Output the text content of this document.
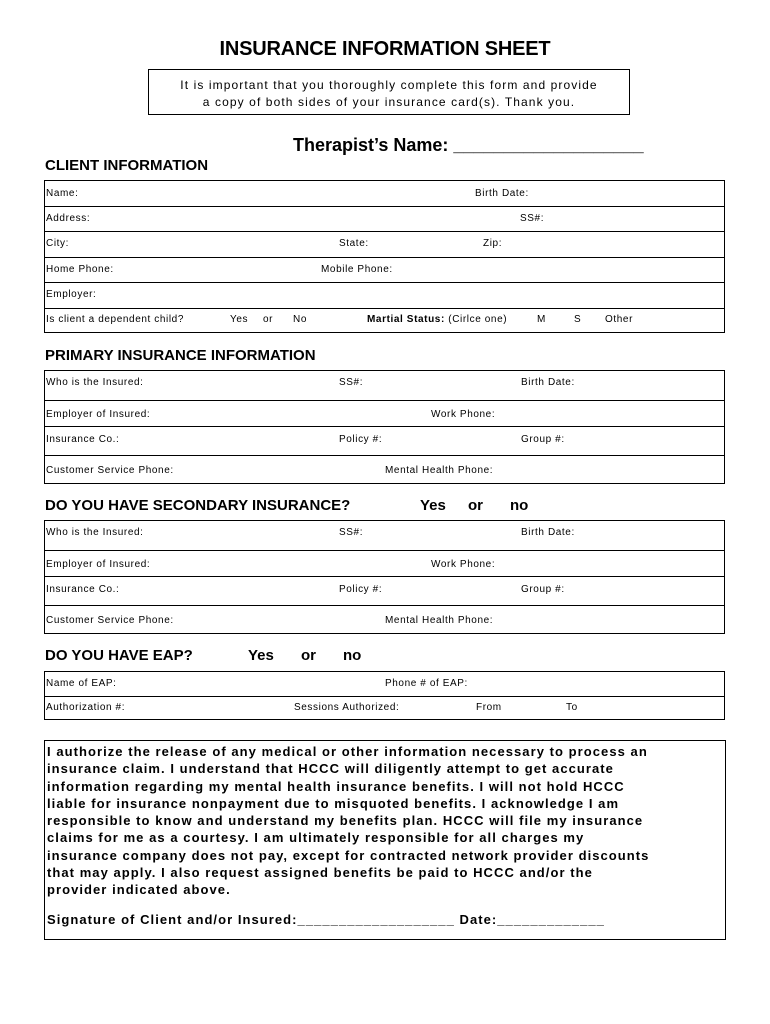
INSURANCE INFORMATION SHEET
It is important that you thoroughly complete this form and provide
a copy of both sides of your insurance card(s). Thank you.
Therapist’s Name: ___________________
CLIENT INFORMATION
Name:	Birth Date:
Address:	SS#:
City:	State:	Zip:
Home Phone:	Mobile Phone:
Employer:
Is client a dependent child?	Yes or No	Martial Status: (Cirlce one)	M	S Other
PRIMARY INSURANCE INFORMATION
Who is the Insured:	SS#:	Birth Date:
Employer of Insured:	Work Phone:
Insurance Co.:	Policy #:	Group #:
Customer Service Phone:	Mental Health Phone:
DO YOU HAVE SECONDARY INSURANCE?	Yes or no
Who is the Insured:	SS#:	Birth Date:
Employer of Insured:	Work Phone:
Insurance Co.:	Policy #:	Group #:
Customer Service Phone:	Mental Health Phone:
DO YOU HAVE EAP?	Yes or no
Name of EAP:	Phone # of EAP:
Authorization #:	Sessions Authorized:	From	To

I authorize the release of any medical or other information necessary to process an

insurance claim. I understand that HCCC will diligently attempt to get accurate

information regarding my mental health insurance benefits. I will not hold HCCC

liable for insurance nonpayment due to misquoted benefits. I acknowledge I am

responsible to know and understand my benefits plan. HCCC will file my insurance

claims for me as a courtesy. I am ultimately responsible for all charges my

insurance company does not pay, except for contracted network provider discounts

that may apply. I also request assigned benefits be paid to HCCC and/or the

provider indicated above.

Signature of Client and/or Insured:___________________ Date:_____________
